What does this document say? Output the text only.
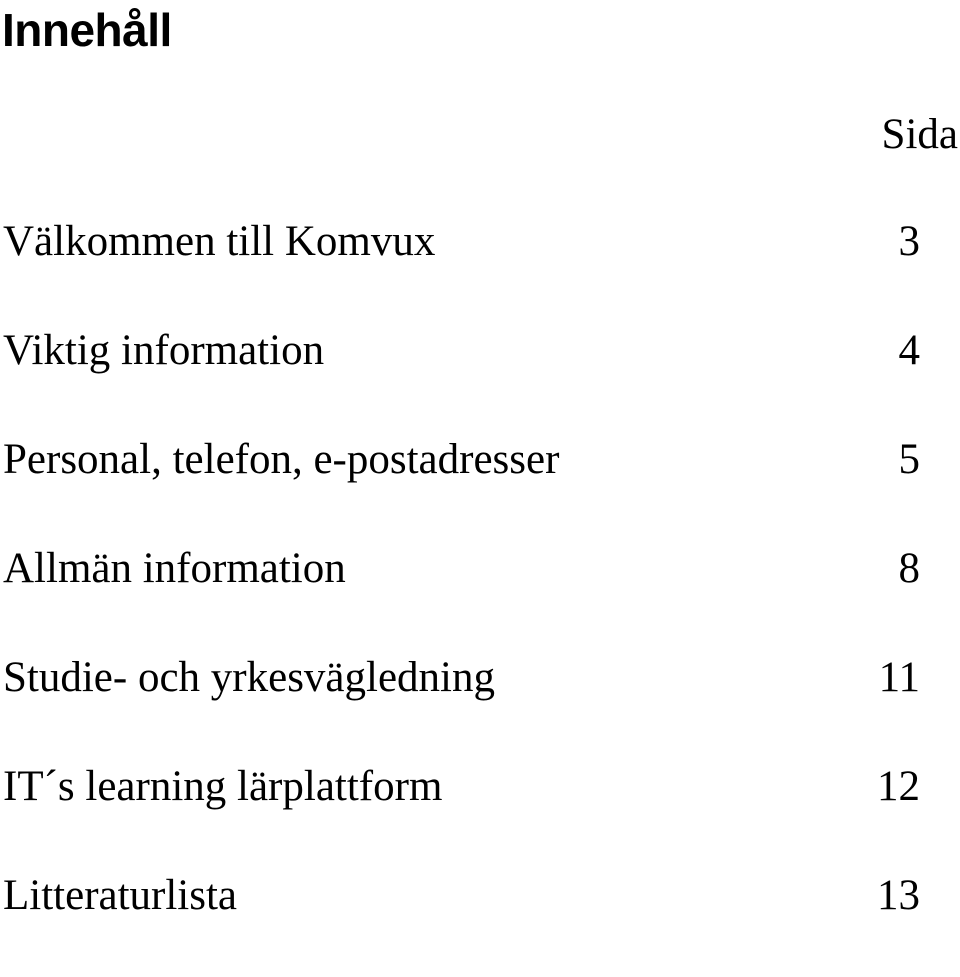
Innehåll
Sida
Välkommen till Komvux	3
Viktig information	4
Personal, telefon, e-postadresser	5
Allmän information	8
Studie- och yrkesvägledning	11
IT´s learning lärplattform	12
Litteraturlista	13
